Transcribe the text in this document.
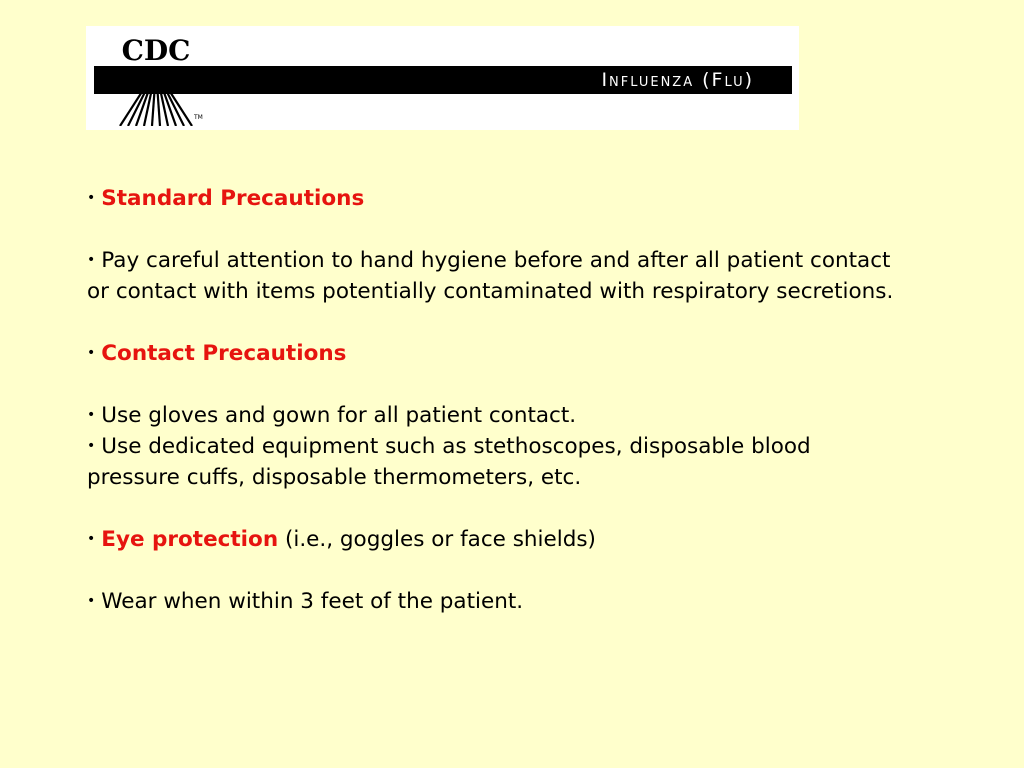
Influenza (Flu)
CDC
TM

• Standard Precautions

• Pay careful attention to hand hygiene before and after all patient contact or contact with items potentially contaminated with respiratory secretions.

• Contact Precautions

• Use gloves and gown for all patient contact.

• Use dedicated equipment such as stethoscopes, disposable blood pressure cuffs, disposable thermometers, etc.

• Eye protection (i.e., goggles or face shields)

• Wear when within 3 feet of the patient.
